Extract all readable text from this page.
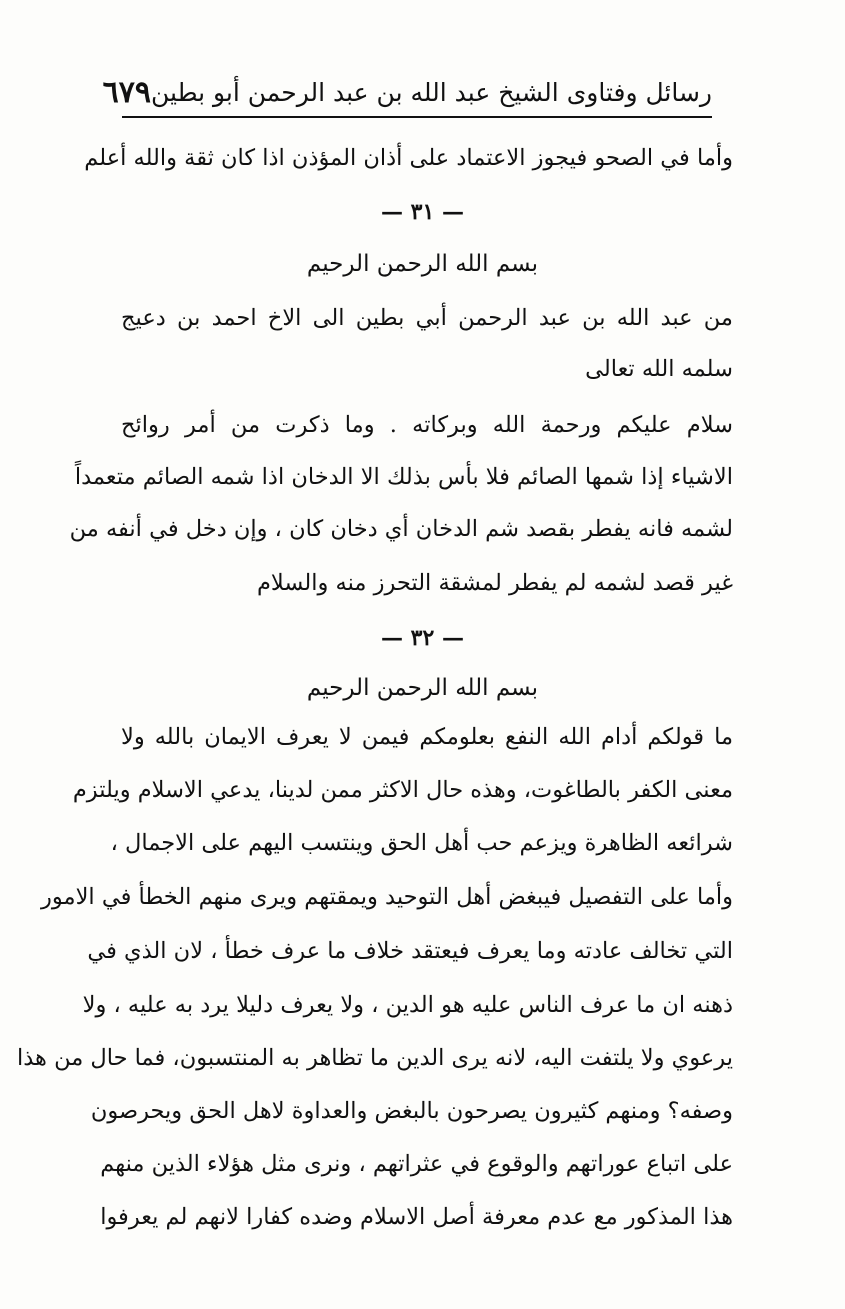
رسائل وفتاوى الشيخ عبد الله بن عبد الرحمن أبو بطين
٦٧٩
وأما في الصحو فيجوز الاعتماد على أذان المؤذن اذا كان ثقة والله أعلم
— ٣١ —
بسم الله الرحمن الرحيم
من عبد الله بن عبد الرحمن أبي بطين الى الاخ احمد بن دعيج
سلمه الله تعالى
سلام عليكم ورحمة الله وبركاته . وما ذكرت من أمر روائح
الاشياء إذا شمها الصائم فلا بأس بذلك الا الدخان اذا شمه الصائم متعمداً
لشمه فانه يفطر بقصد شم الدخان أي دخان كان ، وإن دخل في أنفه من
غير قصد لشمه لم يفطر لمشقة التحرز منه والسلام
— ٣٢ —
بسم الله الرحمن الرحيم
ما قولكم أدام الله النفع بعلومكم فيمن لا يعرف الايمان بالله ولا
معنى الكفر بالطاغوت، وهذه حال الاكثر ممن لدينا، يدعي الاسلام ويلتزم
شرائعه الظاهرة ويزعم حب أهل الحق وينتسب اليهم على الاجمال ،
وأما على التفصيل فيبغض أهل التوحيد ويمقتهم ويرى منهم الخطأ في الامور
التي تخالف عادته وما يعرف فيعتقد خلاف ما عرف خطأ ، لان الذي في
ذهنه ان ما عرف الناس عليه هو الدين ، ولا يعرف دليلا يرد به عليه ، ولا
يرعوي ولا يلتفت اليه، لانه يرى الدين ما تظاهر به المنتسبون، فما حال من هذا
وصفه؟ ومنهم كثيرون يصرحون بالبغض والعداوة لاهل الحق ويحرصون
على اتباع عوراتهم والوقوع في عثراتهم ، ونرى مثل هؤلاء الذين منهم
هذا المذكور مع عدم معرفة أصل الاسلام وضده كفارا لانهم لم يعرفوا
